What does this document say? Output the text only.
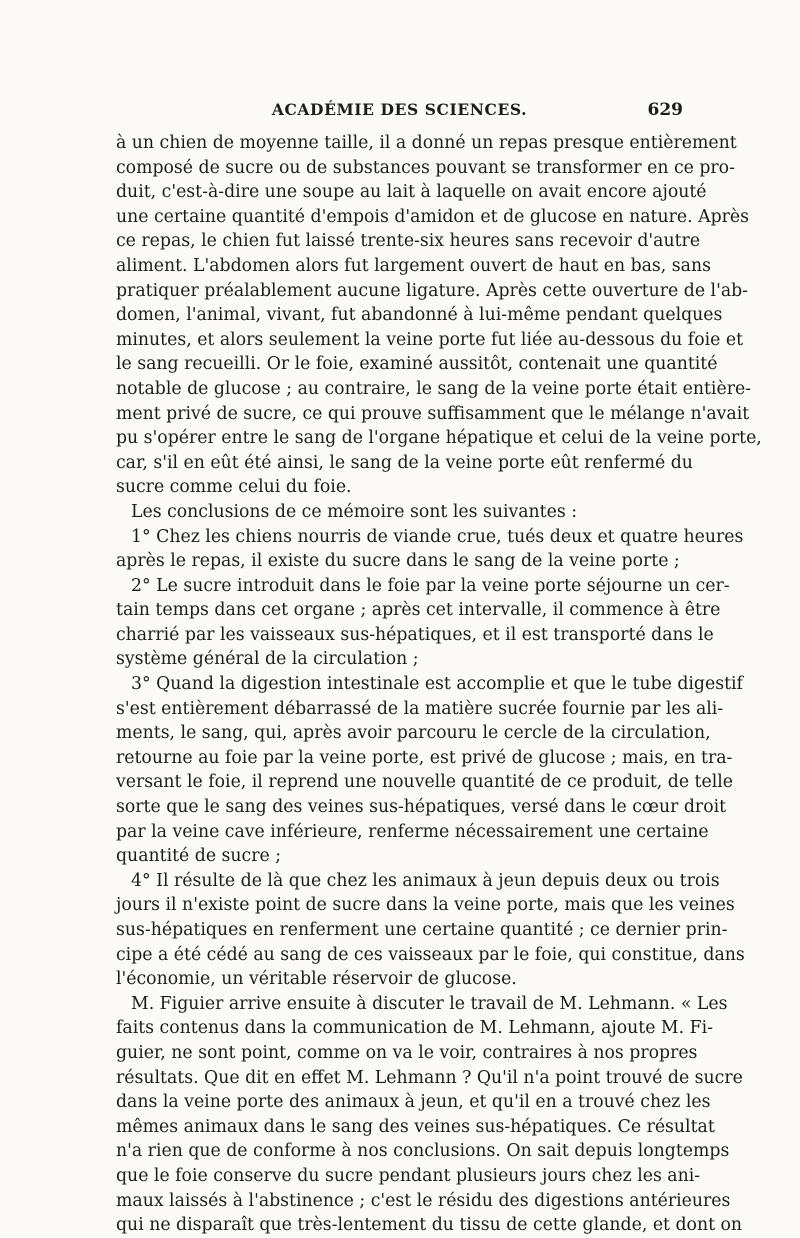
ACADÉMIE DES SCIENCES.	629
à un chien de moyenne taille, il a donné un repas presque entièrement
composé de sucre ou de substances pouvant se transformer en ce pro-
duit, c'est-à-dire une soupe au lait à laquelle on avait encore ajouté
une certaine quantité d'empois d'amidon et de glucose en nature. Après
ce repas, le chien fut laissé trente-six heures sans recevoir d'autre
aliment. L'abdomen alors fut largement ouvert de haut en bas, sans
pratiquer préalablement aucune ligature. Après cette ouverture de l'ab-
domen, l'animal, vivant, fut abandonné à lui-même pendant quelques
minutes, et alors seulement la veine porte fut liée au-dessous du foie et
le sang recueilli. Or le foie, examiné aussitôt, contenait une quantité
notable de glucose ; au contraire, le sang de la veine porte était entière-
ment privé de sucre, ce qui prouve suffisamment que le mélange n'avait
pu s'opérer entre le sang de l'organe hépatique et celui de la veine porte,
car, s'il en eût été ainsi, le sang de la veine porte eût renfermé du
sucre comme celui du foie.
Les conclusions de ce mémoire sont les suivantes :
1° Chez les chiens nourris de viande crue, tués deux et quatre heures
après le repas, il existe du sucre dans le sang de la veine porte ;
2° Le sucre introduit dans le foie par la veine porte séjourne un cer-
tain temps dans cet organe ; après cet intervalle, il commence à être
charrié par les vaisseaux sus-hépatiques, et il est transporté dans le
système général de la circulation ;
3° Quand la digestion intestinale est accomplie et que le tube digestif
s'est entièrement débarrassé de la matière sucrée fournie par les ali-
ments, le sang, qui, après avoir parcouru le cercle de la circulation,
retourne au foie par la veine porte, est privé de glucose ; mais, en tra-
versant le foie, il reprend une nouvelle quantité de ce produit, de telle
sorte que le sang des veines sus-hépatiques, versé dans le cœur droit
par la veine cave inférieure, renferme nécessairement une certaine
quantité de sucre ;
4° Il résulte de là que chez les animaux à jeun depuis deux ou trois
jours il n'existe point de sucre dans la veine porte, mais que les veines
sus-hépatiques en renferment une certaine quantité ; ce dernier prin-
cipe a été cédé au sang de ces vaisseaux par le foie, qui constitue, dans
l'économie, un véritable réservoir de glucose.
M. Figuier arrive ensuite à discuter le travail de M. Lehmann. « Les
faits contenus dans la communication de M. Lehmann, ajoute M. Fi-
guier, ne sont point, comme on va le voir, contraires à nos propres
résultats. Que dit en effet M. Lehmann ? Qu'il n'a point trouvé de sucre
dans la veine porte des animaux à jeun, et qu'il en a trouvé chez les
mêmes animaux dans le sang des veines sus-hépatiques. Ce résultat
n'a rien que de conforme à nos conclusions. On sait depuis longtemps
que le foie conserve du sucre pendant plusieurs jours chez les ani-
maux laissés à l'abstinence ; c'est le résidu des digestions antérieures
qui ne disparaît que très-lentement du tissu de cette glande, et dont on
